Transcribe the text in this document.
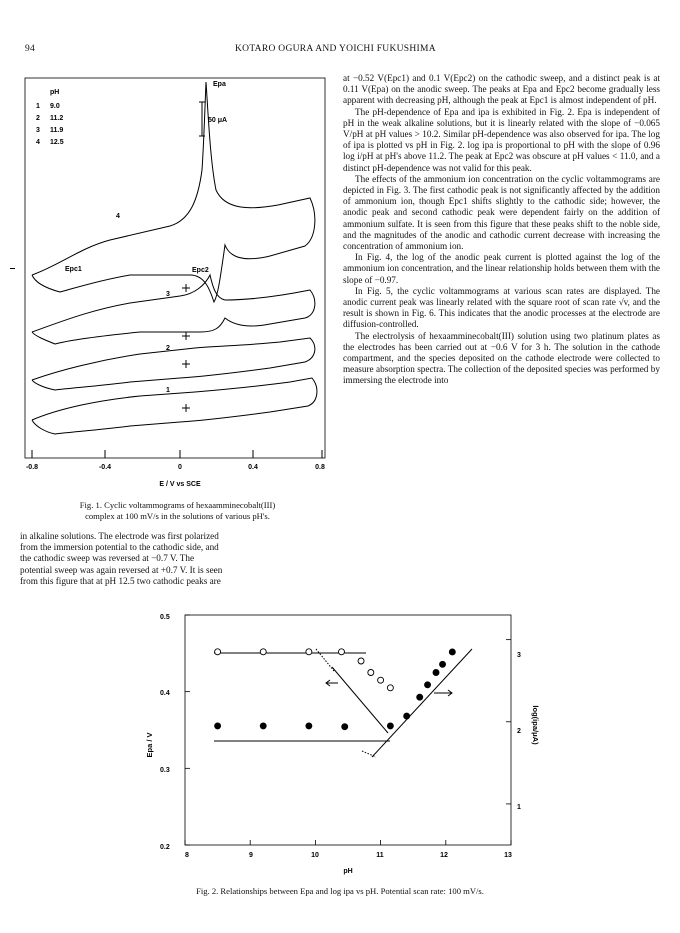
94	KOTARO OGURA AND YOICHI FUKUSHIMA
pH
1 9.0
2 11.2
3 11.9
4 12.5
50 μA
Epa
Epc1	Epc2
4
3
2
1
-0.8	-0.4	0	0.4	0.8
E / V vs SCE
Fig. 1. Cyclic voltammograms of hexaamminecobalt(III)
complex at 100 mV/s in the solutions of various pH's.
in alkaline solutions. The electrode was first polarized
from the immersion potential to the cathodic side, and
the cathodic sweep was reversed at −0.7 V. The
potential sweep was again reversed at +0.7 V. It is seen
from this figure that at pH 12.5 two cathodic peaks are

at −0.52 V(Epc1) and 0.1 V(Epc2) on the cathodic sweep, and a distinct peak is at 0.11 V(Epa) on the anodic sweep. The peaks at Epa and Epc2 become gradually less apparent with decreasing pH, although the peak at Epc1 is almost independent of pH.

The pH-dependence of Epa and ipa is exhibited in Fig. 2. Epa is independent of pH in the weak alkaline solutions, but it is linearly related with the slope of −0.065 V/pH at pH values > 10.2. Similar pH-dependence was also observed for ipa. The log of ipa is plotted vs pH in Fig. 2. log ipa is proportional to pH with the slope of 0.96 log i/pH at pH's above 11.2. The peak at Epc2 was obscure at pH values < 11.0, and a distinct pH-dependence was not valid for this peak.

The effects of the ammonium ion concentration on the cyclic voltammograms are depicted in Fig. 3. The first cathodic peak is not significantly affected by the addition of ammonium ion, though Epc1 shifts slightly to the cathodic side; however, the anodic peak and second cathodic peak were dependent fairly on the addition of ammonium sulfate. It is seen from this figure that these peaks shift to the noble side, and the magnitudes of the anodic and cathodic current decrease with increasing the concentration of ammonium ion.

In Fig. 4, the log of the anodic peak current is plotted against the log of the ammonium ion concentration, and the linear relationship holds between them with the slope of −0.97.

In Fig. 5, the cyclic voltammograms at various scan rates are displayed. The anodic current peak was linearly related with the square root of scan rate √v, and the result is shown in Fig. 6. This indicates that the anodic processes at the electrode are diffusion-controlled.

The electrolysis of hexaamminecobalt(III) solution using two platinum plates as the electrodes has been carried out at −0.6 V for 3 h. The solution in the cathode compartment, and the species deposited on the cathode electrode were collected to measure absorption spectra. The collection of the deposited species was performed by immersing the electrode into

0.5
0.4
0.3
0.2
3
2
1
8	9	10	11	12	13
pH
Epa / V
log(ipa/μA)
Fig. 2. Relationships between Epa and log ipa vs pH. Potential scan rate: 100 mV/s.
